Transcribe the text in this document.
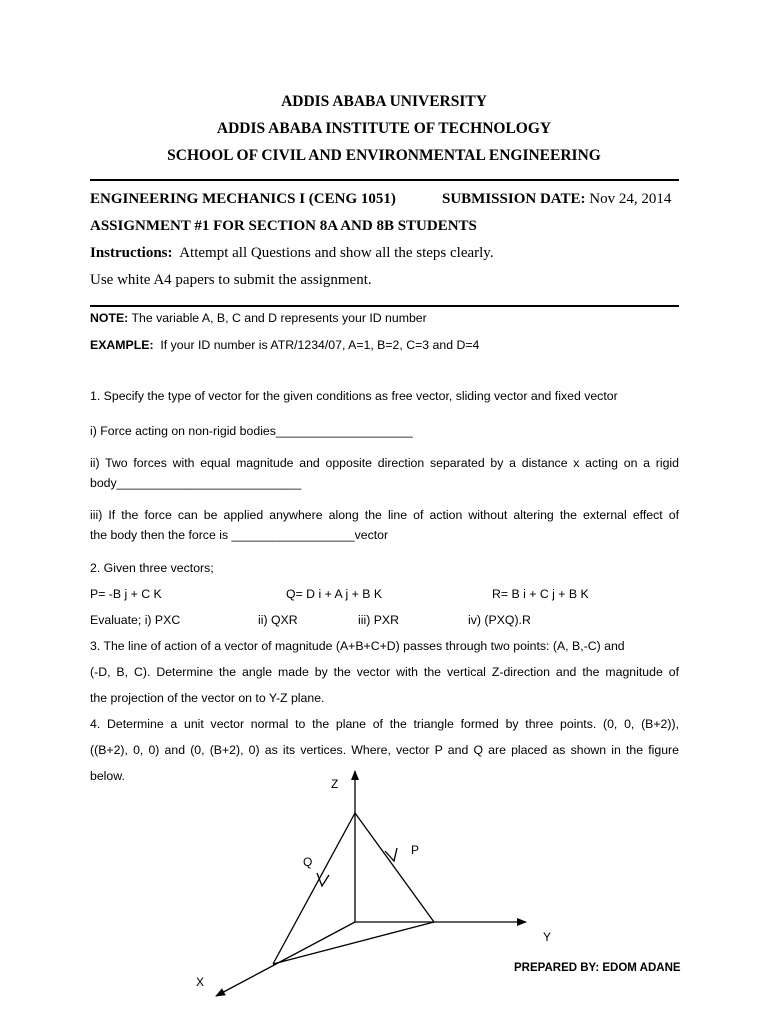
ADDIS ABABA UNIVERSITY
ADDIS ABABA INSTITUTE OF TECHNOLOGY
SCHOOL OF CIVIL AND ENVIRONMENTAL ENGINEERING
ENGINEERING MECHANICS I (CENG 1051)	SUBMISSION DATE: Nov 24, 2014
ASSIGNMENT #1 FOR SECTION 8A AND 8B STUDENTS
Instructions: Attempt all Questions and show all the steps clearly.
Use white A4 papers to submit the assignment.
NOTE: The variable A, B, C and D represents your ID number
EXAMPLE: If your ID number is ATR/1234/07, A=1, B=2, C=3 and D=4
1. Specify the type of vector for the given conditions as free vector, sliding vector and fixed vector
i) Force acting on non-rigid bodies____________________
ii) Two forces with equal magnitude and opposite direction separated by a distance x acting on a rigid
body___________________________
iii) If the force can be applied anywhere along the line of action without altering the external effect of
the body then the force is __________________vector
2. Given three vectors;
P= -B j + C K	Q= D i + A j + B K	R= B i + C j + B K
Evaluate; i) PXC	ii) QXR	iii) PXR	iv) (PXQ).R
3. The line of action of a vector of magnitude (A+B+C+D) passes through two points: (A, B,-C) and
(-D, B, C). Determine the angle made by the vector with the vertical Z-direction and the magnitude of
the projection of the vector on to Y-Z plane.
4. Determine a unit vector normal to the plane of the triangle formed by three points. (0, 0, (B+2)),
((B+2), 0, 0) and (0, (B+2), 0) as its vertices. Where, vector P and Q are placed as shown in the figure
below.
Z
Y
X
P
Q
PREPARED BY: EDOM ADANE
